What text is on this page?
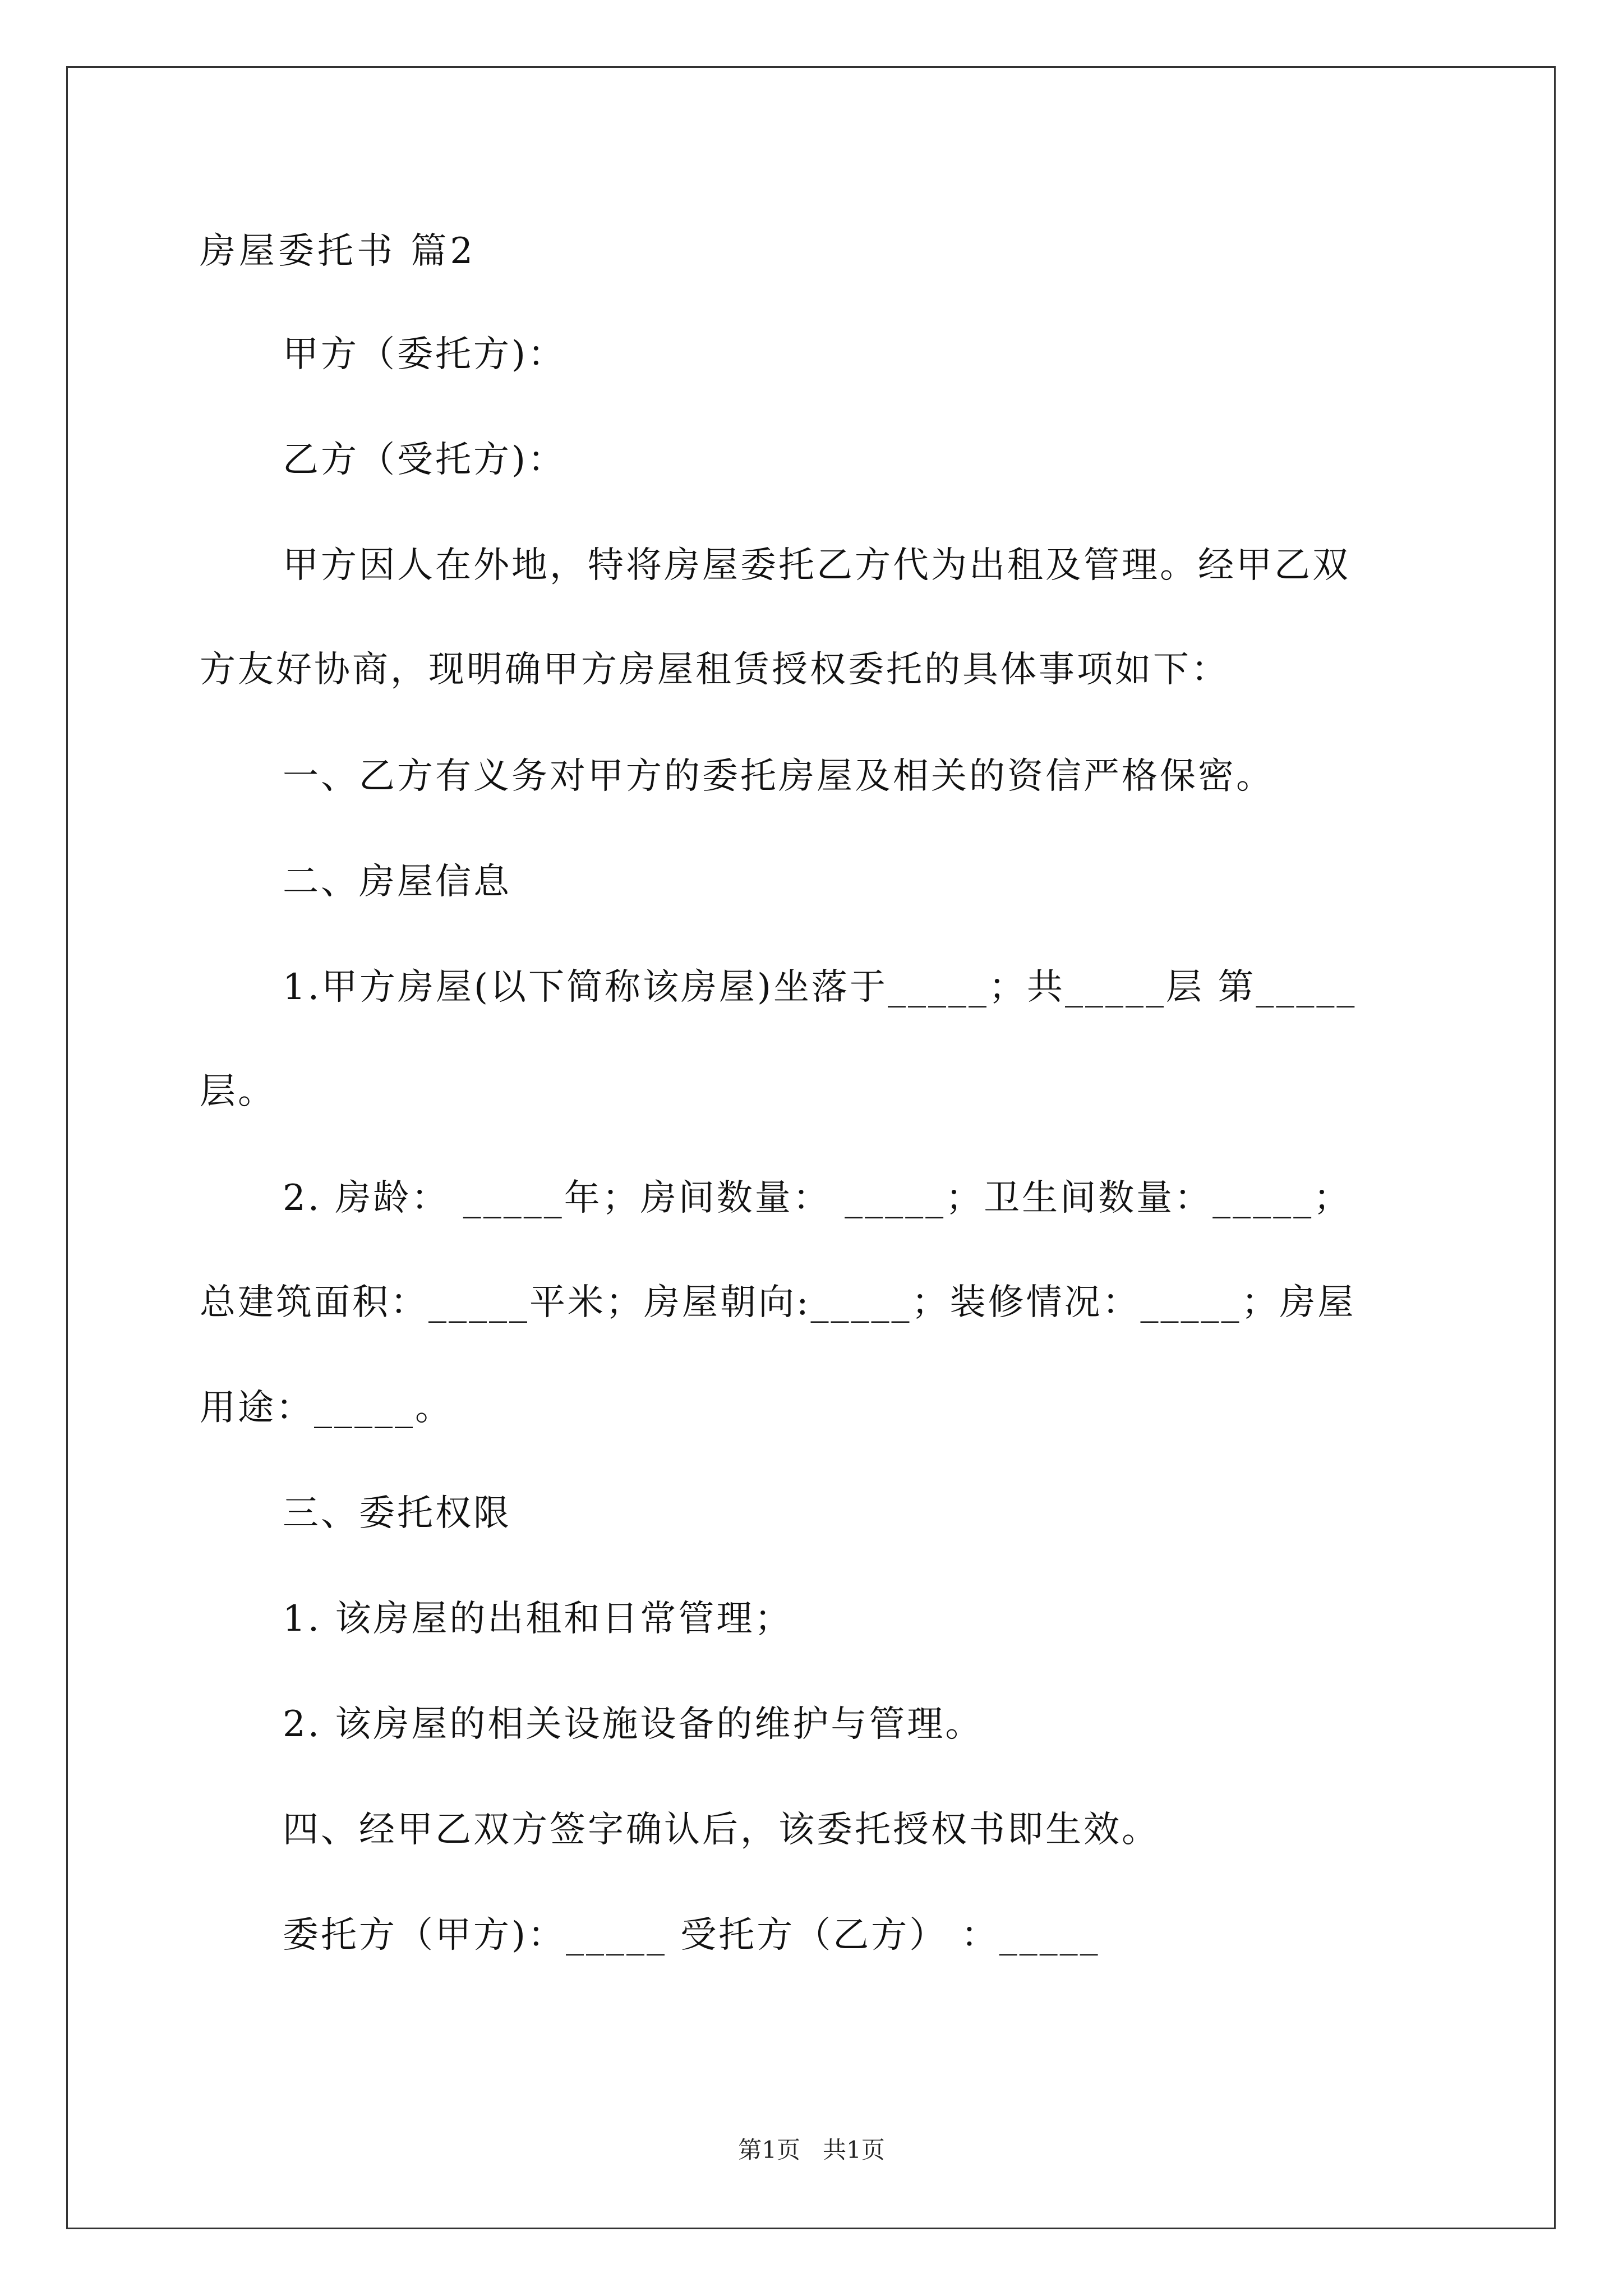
房屋委托书 篇2
甲方（委托方)：
乙方（受托方)：
甲方因人在外地，特将房屋委托乙方代为出租及管理。经甲乙双
方友好协商，现明确甲方房屋租赁授权委托的具体事项如下：
一、乙方有义务对甲方的委托房屋及相关的资信严格保密。
二、房屋信息
1.甲方房屋(以下简称该房屋)坐落于_____；共_____层 第_____
层。
2. 房龄： _____年；房间数量： _____；卫生间数量：_____；
总建筑面积：_____平米；房屋朝向:_____；装修情况：_____；房屋
用途：_____。
三、委托权限
1. 该房屋的出租和日常管理；
2. 该房屋的相关设施设备的维护与管理。
四、经甲乙双方签字确认后，该委托授权书即生效。
委托方（甲方)：_____ 受托方（乙方） ：_____
第1页   共1页
